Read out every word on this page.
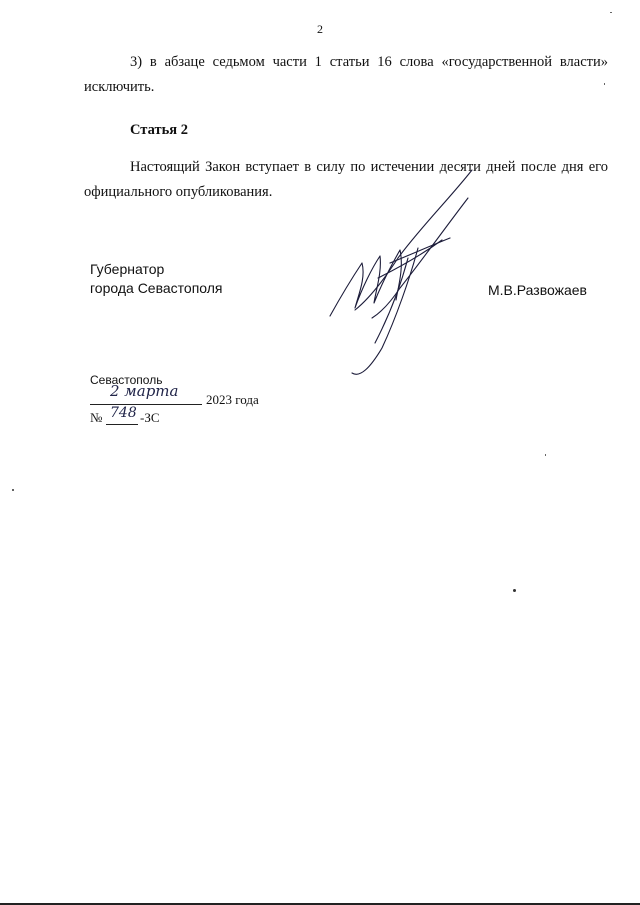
2
3) в абзаце седьмом части 1 статьи 16 слова «государственной власти» исключить.
Статья 2
Настоящий Закон вступает в силу по истечении десяти дней после дня его официального опубликования.
Губернатор
города Севастополя	М.В.Развожаев
Севастополь
2 марта 2023 года
№ 748 -ЗС
